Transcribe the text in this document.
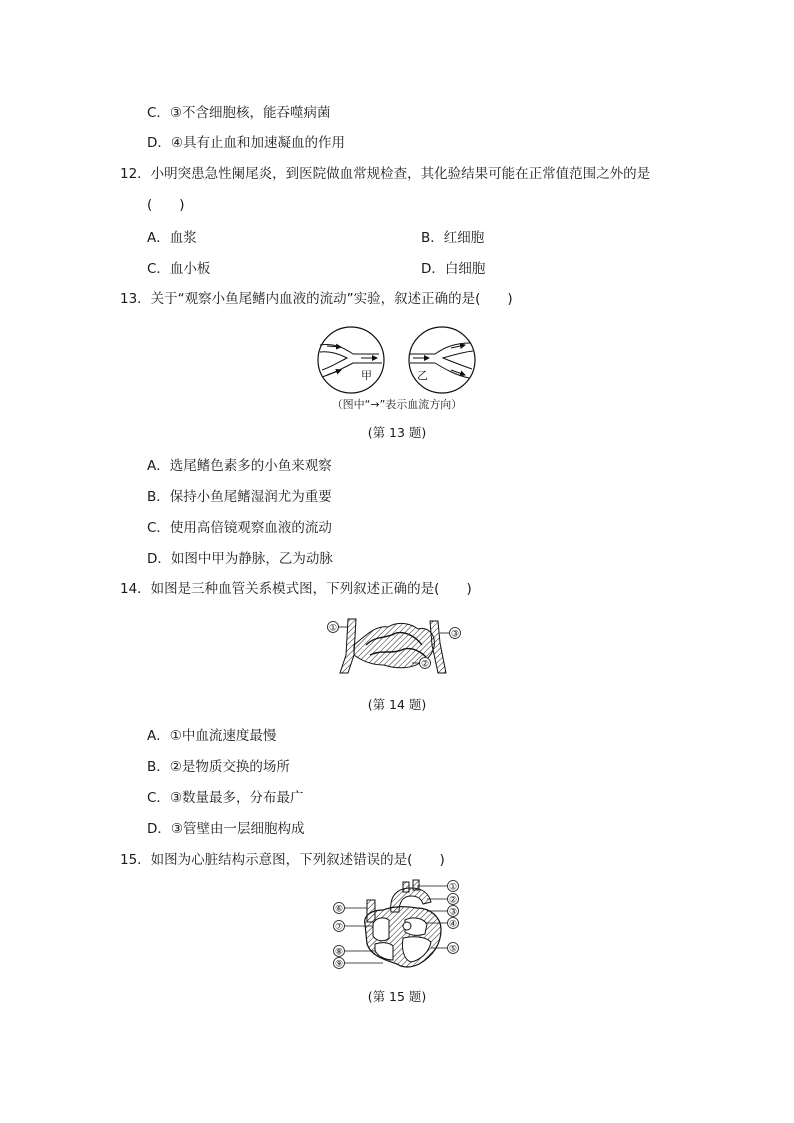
C．③不含细胞核，能吞噬病菌
D．④具有止血和加速凝血的作用
12．小明突患急性阑尾炎，到医院做血常规检查，其化验结果可能在正常值范围之外的是
(　　)
A．血浆	B．红细胞
C．血小板	D．白细胞
13．关于“观察小鱼尾鳍内血液的流动”实验，叙述正确的是(　　)
甲	乙
（图中“→”表示血流方向）
(第 13 题)
A．选尾鳍色素多的小鱼来观察
B．保持小鱼尾鳍湿润尤为重要
C．使用高倍镜观察血液的流动
D．如图中甲为静脉，乙为动脉
14．如图是三种血管关系模式图，下列叙述正确的是(　　)
①
②
③
(第 14 题)
A．①中血流速度最慢
B．②是物质交换的场所
C．③数量最多，分布最广
D．③管壁由一层细胞构成
15．如图为心脏结构示意图，下列叙述错误的是(　　)
①
②
③
④
⑤
⑥
⑦
⑧
⑨
(第 15 题)
